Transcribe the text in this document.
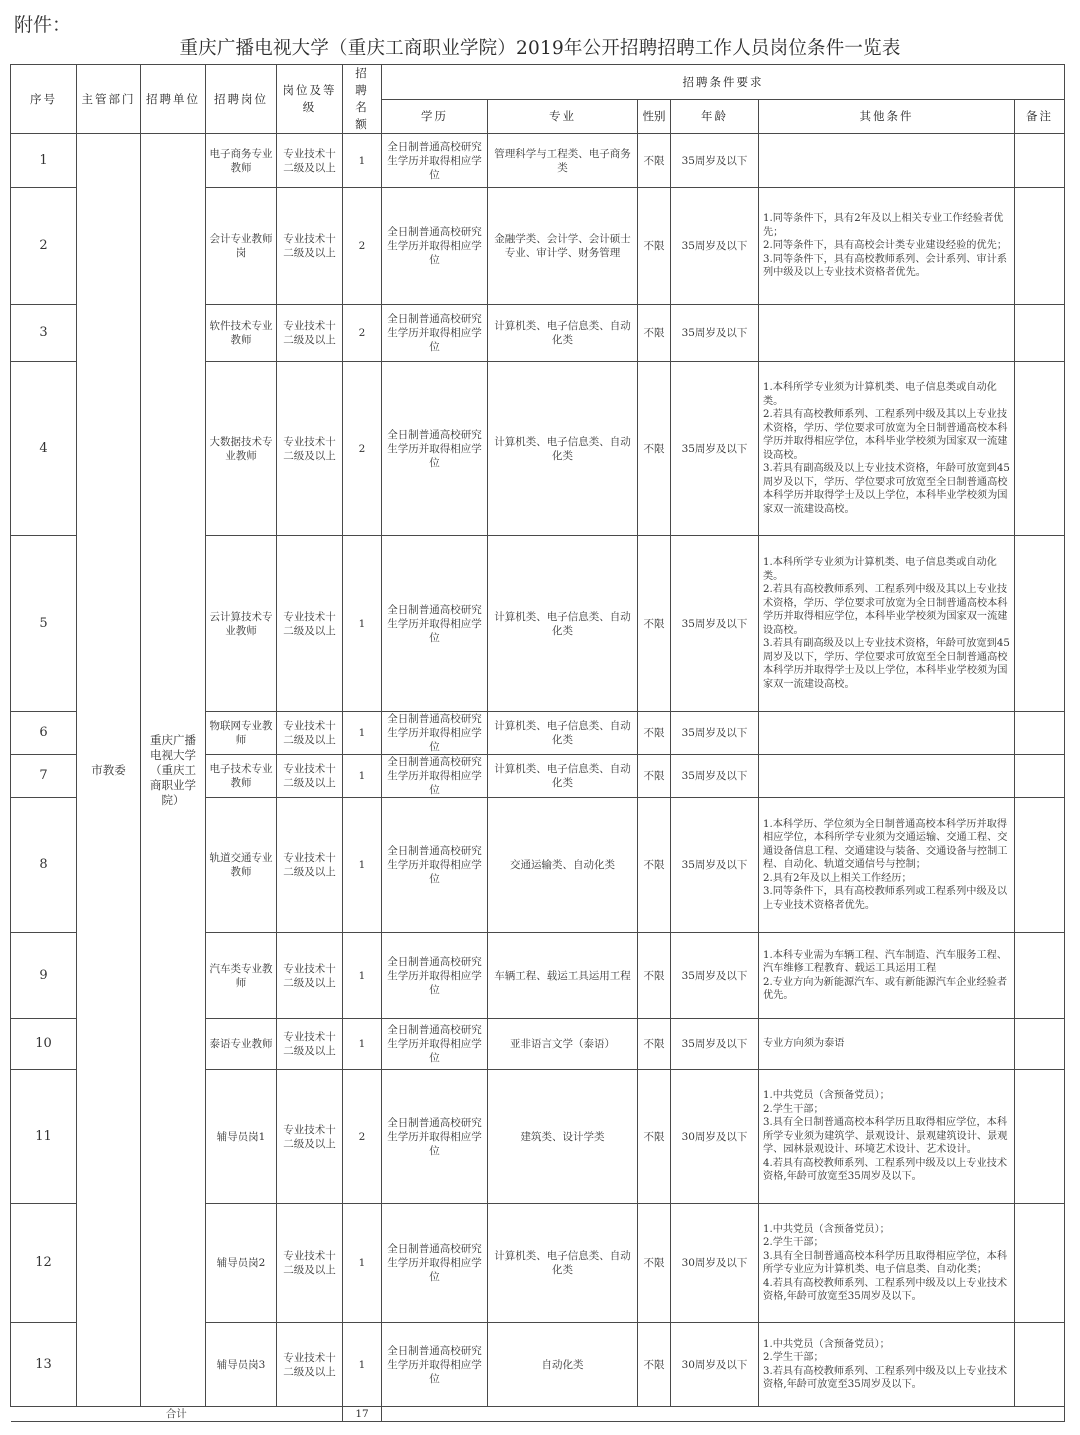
附件：
重庆广播电视大学（重庆工商职业学院）2019年公开招聘招聘工作人员岗位条件一览表
序号	主管部门	招聘单位	招聘岗位	岗位及等级	招聘名额	招聘条件要求					
						学历	专业	性别	年龄	其他条件	备注
1	市教委	重庆广播电视大学（重庆工商职业学院）	电子商务专业教师	专业技术十二级及以上	1	全日制普通高校研究生学历并取得相应学位	管理科学与工程类、电子商务类	不限	35周岁及以下		
2			会计专业教师岗	专业技术十二级及以上	2	全日制普通高校研究生学历并取得相应学位	金融学类、会计学、会计硕士专业、审计学、财务管理	不限	35周岁及以下	1.同等条件下，具有2年及以上相关专业工作经验者优先；
2.同等条件下，具有高校会计类专业建设经验的优先；
3.同等条件下，具有高校教师系列、会计系列、审计系列中级及以上专业技术资格者优先。	

3			软件技术专业教师	专业技术十二级及以上	2	全日制普通高校研究生学历并取得相应学位	计算机类、电子信息类、自动化类	不限	35周岁及以下		
4			大数据技术专业教师	专业技术十二级及以上	2	全日制普通高校研究生学历并取得相应学位	计算机类、电子信息类、自动化类	不限	35周岁及以下	1.本科所学专业须为计算机类、电子信息类或自动化类。
2.若具有高校教师系列、工程系列中级及其以上专业技术资格，学历、学位要求可放宽为全日制普通高校本科学历并取得相应学位，本科毕业学校须为国家双一流建设高校。
3.若具有副高级及以上专业技术资格，年龄可放宽到45周岁及以下，学历、学位要求可放宽至全日制普通高校本科学历并取得学士及以上学位，本科毕业学校须为国家双一流建设高校。	

5			云计算技术专业教师	专业技术十二级及以上	1	全日制普通高校研究生学历并取得相应学位	计算机类、电子信息类、自动化类	不限	35周岁及以下	1.本科所学专业须为计算机类、电子信息类或自动化类。
2.若具有高校教师系列、工程系列中级及其以上专业技术资格，学历、学位要求可放宽为全日制普通高校本科学历并取得相应学位，本科毕业学校须为国家双一流建设高校。
3.若具有副高级及以上专业技术资格，年龄可放宽到45周岁及以下，学历、学位要求可放宽至全日制普通高校本科学历并取得学士及以上学位，本科毕业学校须为国家双一流建设高校。	

6			物联网专业教师	专业技术十二级及以上	1	全日制普通高校研究生学历并取得相应学位	计算机类、电子信息类、自动化类	不限	35周岁及以下		
7			电子技术专业教师	专业技术十二级及以上	1	全日制普通高校研究生学历并取得相应学位	计算机类、电子信息类、自动化类	不限	35周岁及以下		
8			轨道交通专业教师	专业技术十二级及以上	1	全日制普通高校研究生学历并取得相应学位	交通运输类、自动化类	不限	35周岁及以下	1.本科学历、学位须为全日制普通高校本科学历并取得相应学位，本科所学专业须为交通运输、交通工程、交通设备信息工程、交通建设与装备、交通设备与控制工程、自动化、轨道交通信号与控制；
2.具有2年及以上相关工作经历；
3.同等条件下，具有高校教师系列或工程系列中级及以上专业技术资格者优先。	

9			汽车类专业教师	专业技术十二级及以上	1	全日制普通高校研究生学历并取得相应学位	车辆工程、载运工具运用工程	不限	35周岁及以下	1.本科专业需为车辆工程、汽车制造、汽车服务工程、汽车维修工程教育、载运工具运用工程
2.专业方向为新能源汽车、或有新能源汽车企业经验者优先。	

10			泰语专业教师	专业技术十二级及以上	1	全日制普通高校研究生学历并取得相应学位	亚非语言文学（泰语）	不限	35周岁及以下	专业方向须为泰语	

11			辅导员岗1	专业技术十二级及以上	2	全日制普通高校研究生学历并取得相应学位	建筑类、设计学类	不限	30周岁及以下	1.中共党员（含预备党员）；
2.学生干部；
3.具有全日制普通高校本科学历且取得相应学位，本科所学专业须为建筑学、景观设计、景观建筑设计、景观学、园林景观设计、环境艺术设计、艺术设计。
4.若具有高校教师系列、工程系列中级及以上专业技术资格,年龄可放宽至35周岁及以下。	

12			辅导员岗2	专业技术十二级及以上	1	全日制普通高校研究生学历并取得相应学位	计算机类、电子信息类、自动化类	不限	30周岁及以下	1.中共党员（含预备党员）；
2.学生干部；
3.具有全日制普通高校本科学历且取得相应学位，本科所学专业应为计算机类、电子信息类、自动化类；
4.若具有高校教师系列、工程系列中级及以上专业技术资格,年龄可放宽至35周岁及以下。	

13			辅导员岗3	专业技术十二级及以上	1	全日制普通高校研究生学历并取得相应学位	自动化类	不限	30周岁及以下	1.中共党员（含预备党员）；
2.学生干部；
3.若具有高校教师系列、工程系列中级及以上专业技术资格,年龄可放宽至35周岁及以下。	

合计					17						
